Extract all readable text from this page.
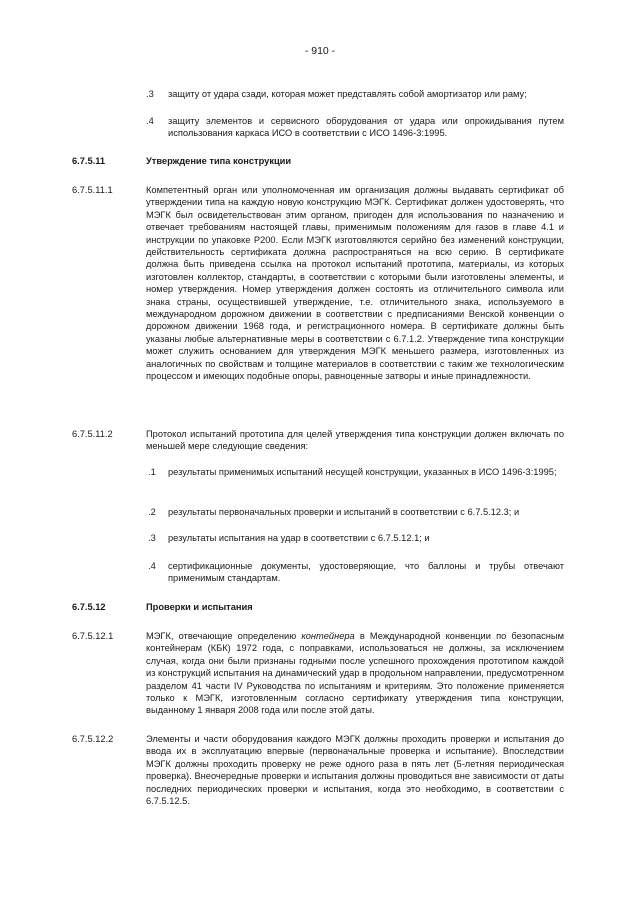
- 910 -
.3 защиту от удара сзади, которая может представлять собой амортизатор или раму;

.4 защиту элементов и сервисного оборудования от удара или опрокидывания путем использования каркаса ИСО в соответствии с ИСО 1496-3:1995.

6.7.5.11	Утверждение типа конструкции
6.7.5.11.1	Компетентный орган или уполномоченная им организация должны выдавать сертификат об утверждении типа на каждую новую конструкцию МЭГК. Сертификат должен удостоверять, что МЭГК был освидетельствован этим органом, пригоден для использования по назначению и отвечает требованиям настоящей главы, применимым положениям для газов в главе 4.1 и инструкции по упаковке Р200. Если МЭГК изготовляются серийно без изменений конструкции, действительность сертификата должна распространяться на всю серию. В сертификате должна быть приведена ссылка на протокол испытаний прототипа, материалы, из которых изготовлен коллектор, стандарты, в соответствии с которыми были изготовлены элементы, и номер утверждения. Номер утверждения должен состоять из отличительного символа или знака страны, осуществившей утверждение, т.е. отличительного знака, используемого в международном дорожном движении в соответствии с предписаниями Венской конвенции о дорожном движении 1968 года, и регистрационного номера. В сертификате должны быть указаны любые альтернативные меры в соответствии с 6.7.1.2. Утверждение типа конструкции может служить основанием для утверждения МЭГК меньшего размера, изготовленных из аналогичных по свойствам и толщине материалов в соответствии с таким же технологическим процессом и имеющих подобные опоры, равноценные затворы и иные принадлежности.

6.7.5.11.2	Протокол испытаний прототипа для целей утверждения типа конструкции должен включать по меньшей мере следующие сведения:

.1 результаты применимых испытаний несущей конструкции, указанных в ИСО 1496-3:1995;

.2 результаты первоначальных проверки и испытаний в соответствии с 6.7.5.12.3; и

.3 результаты испытания на удар в соответствии с 6.7.5.12.1; и

.4 сертификационные документы, удостоверяющие, что баллоны и трубы отвечают применимым стандартам.

6.7.5.12	Проверки и испытания
6.7.5.12.1	МЭГК, отвечающие определению контейнера в Международной конвенции по безопасным контейнерам (КБК) 1972 года, с поправками, использоваться не должны, за исключением случая, когда они были признаны годными после успешного прохождения прототипом каждой из конструкций испытания на динамический удар в продольном направлении, предусмотренном разделом 41 части IV Руководства по испытаниям и критериям. Это положение применяется только к МЭГК, изготовленным согласно сертификату утверждения типа конструкции, выданному 1 января 2008 года или после этой даты.

6.7.5.12.2	Элементы и части оборудования каждого МЭГК должны проходить проверки и испытания до ввода их в эксплуатацию впервые (первоначальные проверка и испытание). Впоследствии МЭГК должны проходить проверку не реже одного раза в пять лет (5-летняя периодическая проверка). Внеочередные проверки и испытания должны проводиться вне зависимости от даты последних периодических проверки и испытания, когда это необходимо, в соответствии с 6.7.5.12.5.
